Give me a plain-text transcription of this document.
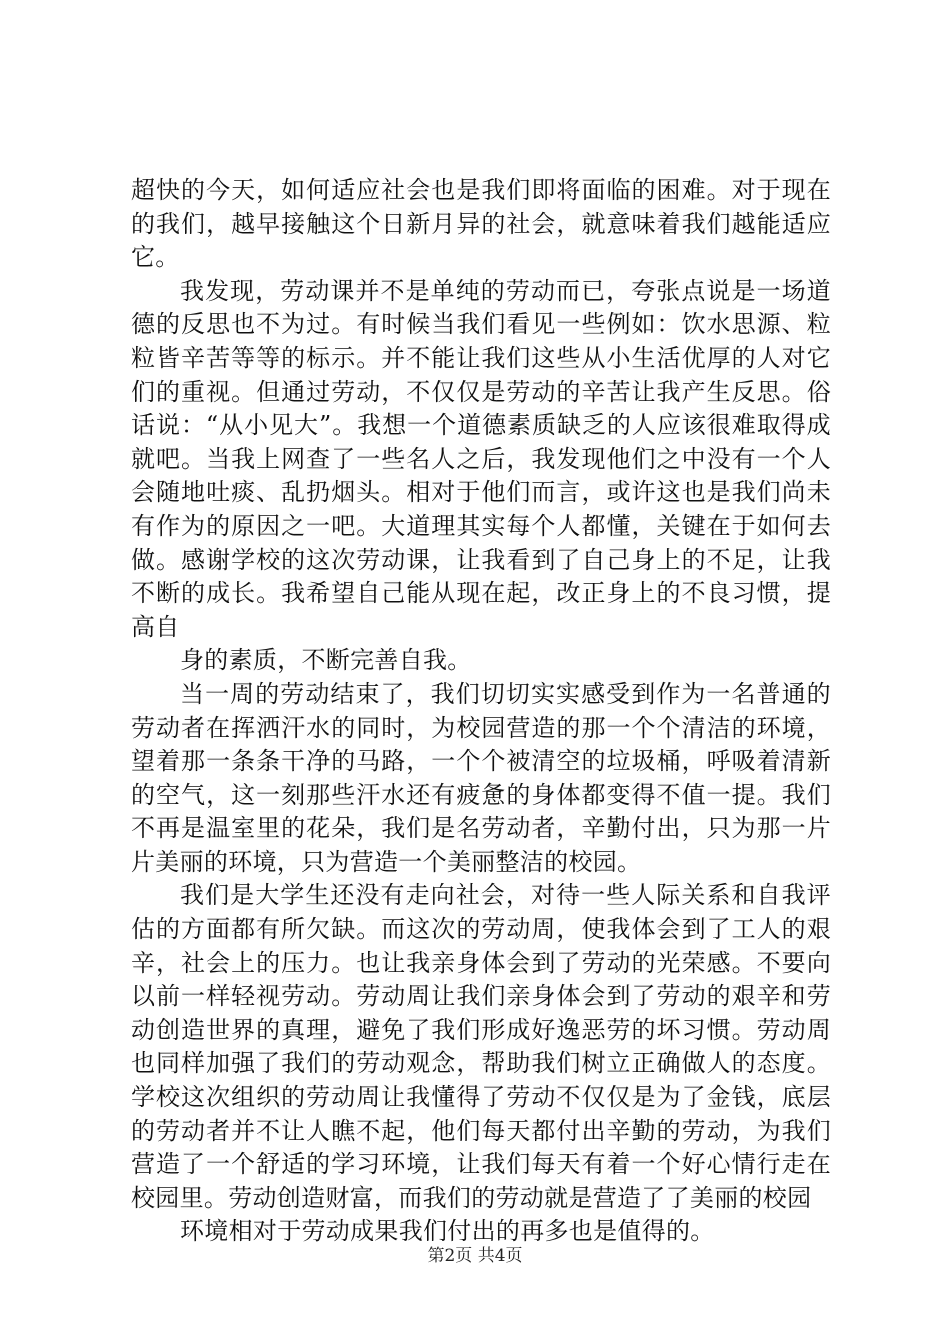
超快的今天，如何适应社会也是我们即将面临的困难。对于现在的我们，越早接触这个日新月异的社会，就意味着我们越能适应它。

我发现，劳动课并不是单纯的劳动而已，夸张点说是一场道德的反思也不为过。有时候当我们看见一些例如：饮水思源、粒粒皆辛苦等等的标示。并不能让我们这些从小生活优厚的人对它们的重视。但通过劳动，不仅仅是劳动的辛苦让我产生反思。俗话说：“从小见大”。我想一个道德素质缺乏的人应该很难取得成就吧。当我上网查了一些名人之后，我发现他们之中没有一个人会随地吐痰、乱扔烟头。相对于他们而言，或许这也是我们尚未有作为的原因之一吧。大道理其实每个人都懂，关键在于如何去做。感谢学校的这次劳动课，让我看到了自己身上的不足，让我不断的成长。我希望自己能从现在起，改正身上的不良习惯，提高自

身的素质，不断完善自我。

当一周的劳动结束了，我们切切实实感受到作为一名普通的劳动者在挥洒汗水的同时，为校园营造的那一个个清洁的环境，望着那一条条干净的马路，一个个被清空的垃圾桶，呼吸着清新的空气，这一刻那些汗水还有疲惫的身体都变得不值一提。我们不再是温室里的花朵，我们是名劳动者，辛勤付出，只为那一片片美丽的环境，只为营造一个美丽整洁的校园。

我们是大学生还没有走向社会，对待一些人际关系和自我评估的方面都有所欠缺。而这次的劳动周，使我体会到了工人的艰辛，社会上的压力。也让我亲身体会到了劳动的光荣感。不要向以前一样轻视劳动。劳动周让我们亲身体会到了劳动的艰辛和劳动创造世界的真理，避免了我们形成好逸恶劳的坏习惯。劳动周也同样加强了我们的劳动观念，帮助我们树立正确做人的态度。学校这次组织的劳动周让我懂得了劳动不仅仅是为了金钱，底层的劳动者并不让人瞧不起，他们每天都付出辛勤的劳动，为我们营造了一个舒适的学习环境，让我们每天有着一个好心情行走在校园里。劳动创造财富，而我们的劳动就是营造了了美丽的校园

环境相对于劳动成果我们付出的再多也是值得的。

第2页 共4页
